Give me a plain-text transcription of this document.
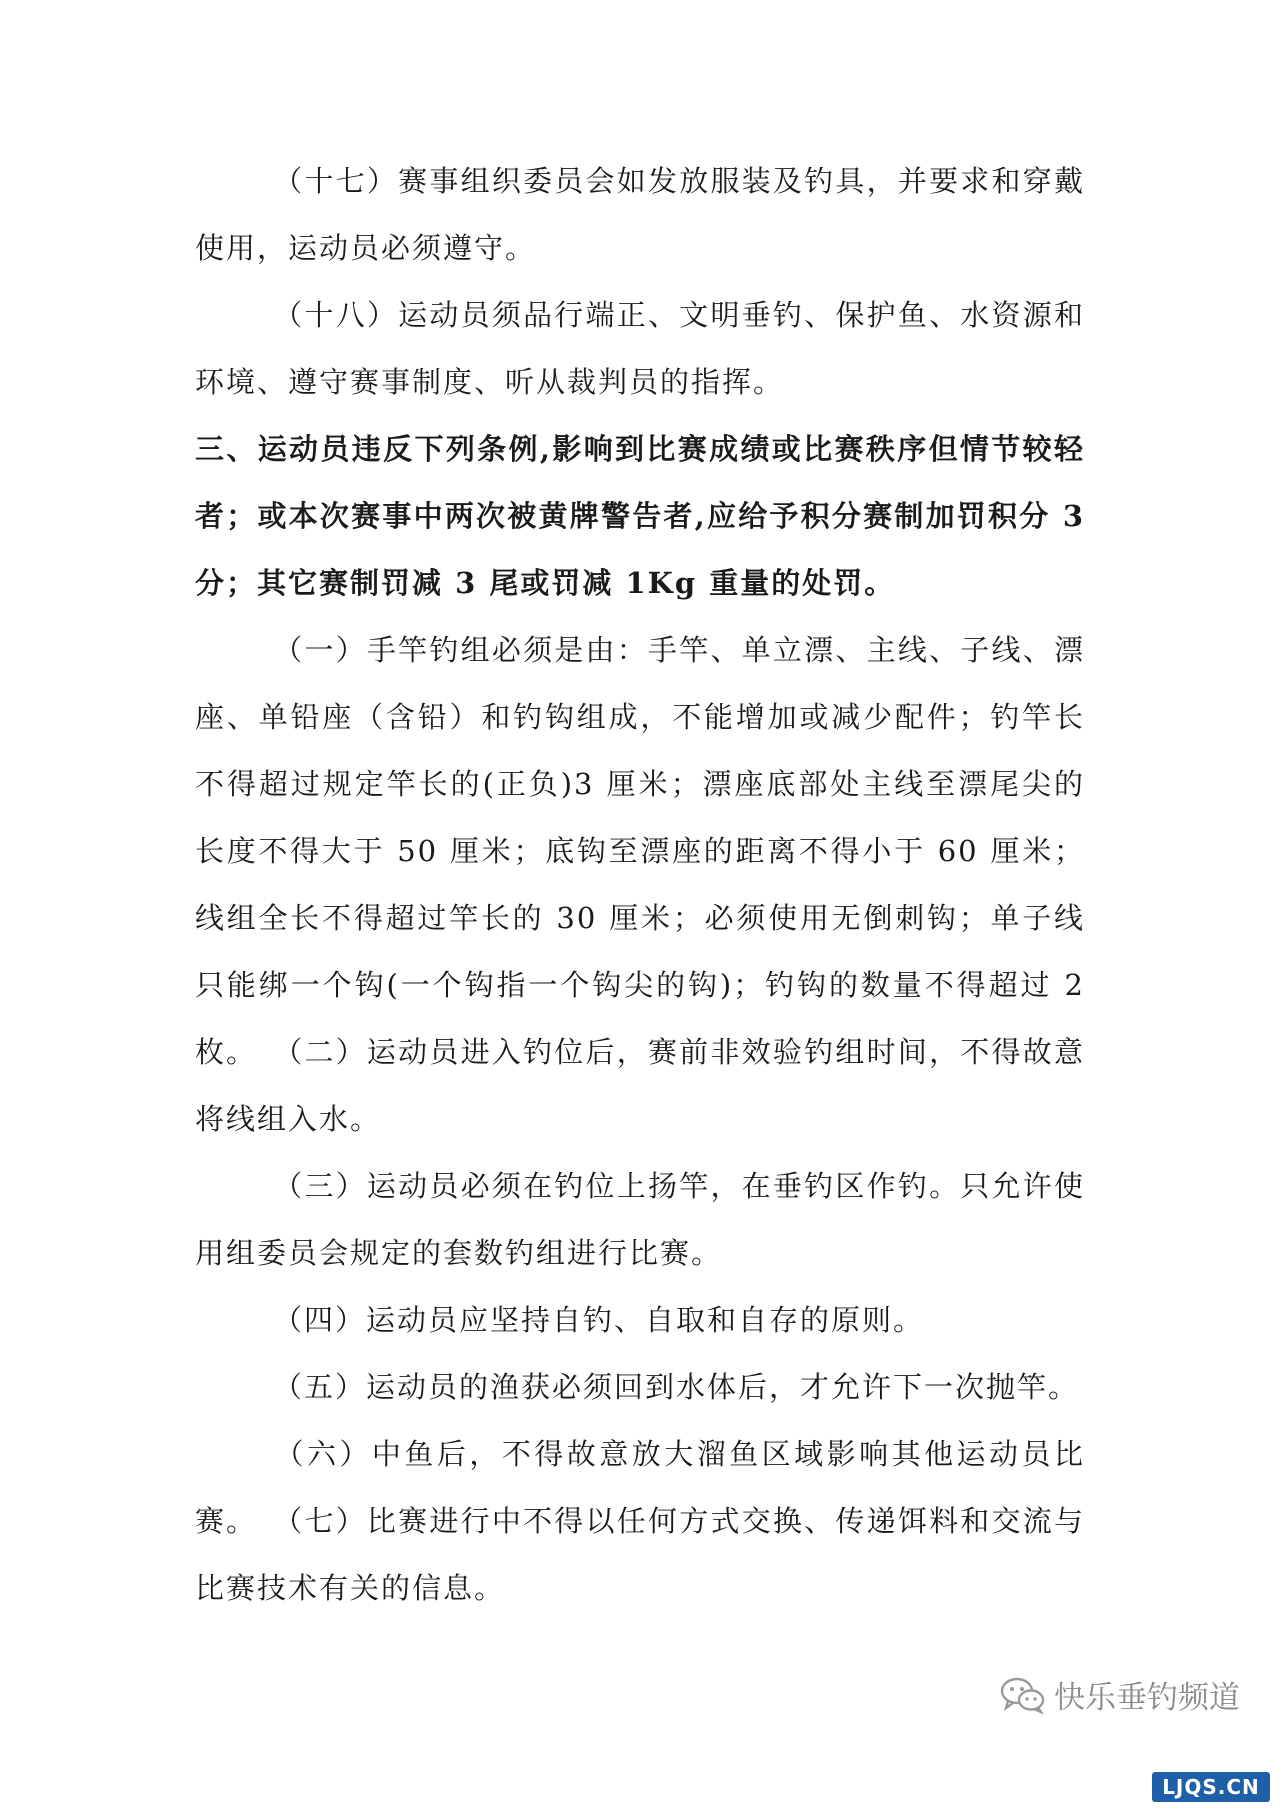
（十七）赛事组织委员会如发放服装及钓具，并要求和穿戴使用，运动员必须遵守。

（十八）运动员须品行端正、文明垂钓、保护鱼、水资源和环境、遵守赛事制度、听从裁判员的指挥。

三、运动员违反下列条例,影响到比赛成绩或比赛秩序但情节较轻者；或本次赛事中两次被黄牌警告者,应给予积分赛制加罚积分 3 分；其它赛制罚减 3 尾或罚减 1Kg 重量的处罚。

（一）手竿钓组必须是由：手竿、单立漂、主线、子线、漂座、单铅座（含铅）和钓钩组成，不能增加或减少配件；钓竿长不得超过规定竿长的(正负)3 厘米；漂座底部处主线至漂尾尖的长度不得大于 50 厘米；底钩至漂座的距离不得小于 60 厘米；线组全长不得超过竿长的 30 厘米；必须使用无倒刺钩；单子线只能绑一个钩(一个钩指一个钩尖的钩)；钓钩的数量不得超过 2 枚。 （二）运动员进入钓位后，赛前非效验钓组时间，不得故意将线组入水。

（三）运动员必须在钓位上扬竿，在垂钓区作钓。只允许使用组委员会规定的套数钓组进行比赛。

（四）运动员应坚持自钓、自取和自存的原则。

（五）运动员的渔获必须回到水体后，才允许下一次抛竿。

（六）中鱼后，不得故意放大溜鱼区域影响其他运动员比赛。 （七）比赛进行中不得以任何方式交换、传递饵料和交流与比赛技术有关的信息。

快乐垂钓频道
LJQS.CN
